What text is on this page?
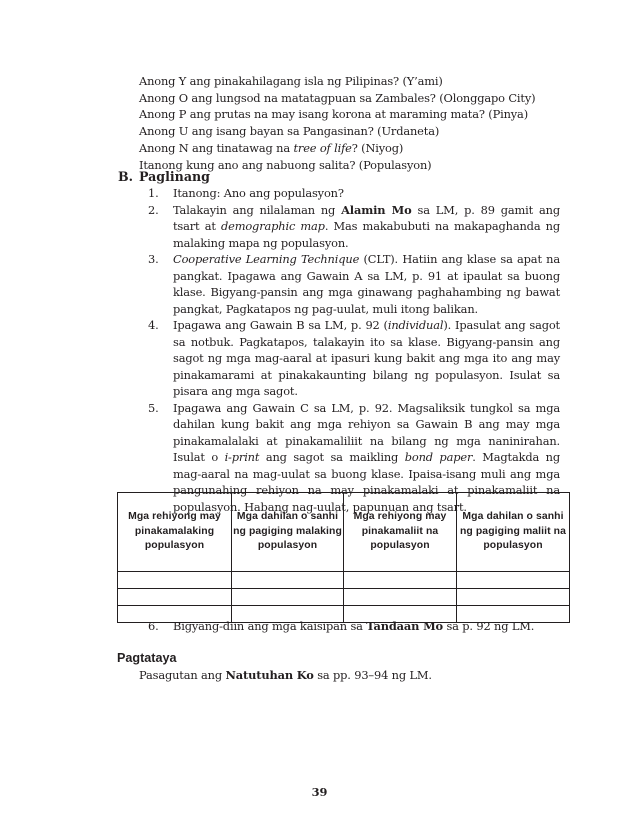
Anong Y ang pinakahilagang isla ng Pilipinas? (Y’ami)
Anong O ang lungsod na matatagpuan sa Zambales? (Olonggapo City)
Anong P ang prutas na may isang korona at maraming mata? (Pinya)
Anong U ang isang bayan sa Pangasinan? (Urdaneta)
Anong N ang tinatawag na tree of life? (Niyog)
Itanong kung ano ang nabuong salita? (Populasyon)
B. Paglinang
1. Itanong: Ano ang populasyon?
2. Talakayin ang nilalaman ng Alamin Mo sa LM, p. 89 gamit ang tsart at demographic map. Mas makabubuti na makapaghanda ng malaking mapa ng populasyon.
3. Cooperative Learning Technique (CLT). Hatiin ang klase sa apat na pangkat. Ipagawa ang Gawain A sa LM, p. 91 at ipaulat sa buong klase. Bigyang-pansin ang mga ginawang paghahambing ng bawat pangkat, Pagkatapos ng pag-uulat, muli itong balikan.
4. Ipagawa ang Gawain B sa LM, p. 92 (individual). Ipasulat ang sagot sa notbuk. Pagkatapos, talakayin ito sa klase. Bigyang-pansin ang sagot ng mga mag-aaral at ipasuri kung bakit ang mga ito ang may pinakamarami at pinakakaunting bilang ng populasyon. Isulat sa pisara ang mga sagot.
5. Ipagawa ang Gawain C sa LM, p. 92. Magsaliksik tungkol sa mga dahilan kung bakit ang mga rehiyon sa Gawain B ang may mga pinakamalalaki at pinakamaliliit na bilang ng mga naninirahan. Isulat o i-print ang sagot sa maikling bond paper. Magtakda ng mag-aaral na mag-uulat sa buong klase. Ipaisa-isang muli ang mga pangunahing rehiyon na may pinakamalaki at pinakamaliit na populasyon. Habang nag-uulat, papunuan ang tsart.
Mga rehiyong may pinakamalaking populasyon	Mga dahilan o sanhi ng pagiging malaking populasyon	Mga rehiyong may pinakamaliit na populasyon	Mga dahilan o sanhi ng pagiging maliit na populasyon

6. Bigyang-diin ang mga kaisipan sa Tandaan Mo sa p. 92 ng LM.
Pagtataya
Pasagutan ang Natutuhan Ko sa pp. 93–94 ng LM.
39
